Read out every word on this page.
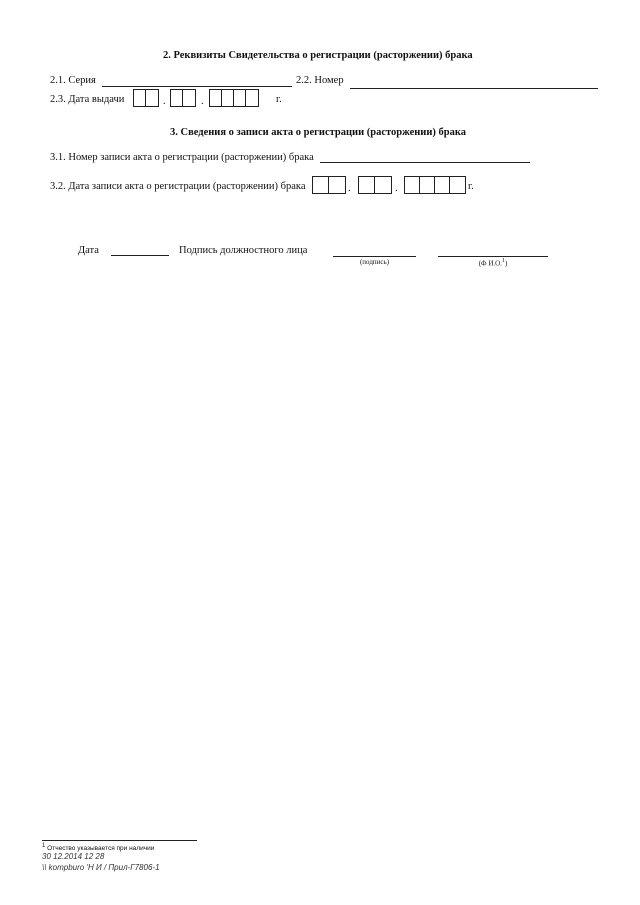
2. Реквизиты Свидетельства о регистрации (расторжении) брака
2.1. Серия	2.2. Номер
2.3. Дата выдачи	.	.	г.
3. Сведения о записи акта о регистрации (расторжении) брака
3.1. Номер записи акта о регистрации (расторжении) брака
3.2. Дата записи акта о регистрации (расторжении) брака	.	.	г.
Дата	Подпись должностного лица
(подпись)	(Ф И.О.$^1$)
$^1$ Отчество указывается при наличии
30 12.2014 12 28
\\ kompburo 'Н И / Прил-Г7806-1
